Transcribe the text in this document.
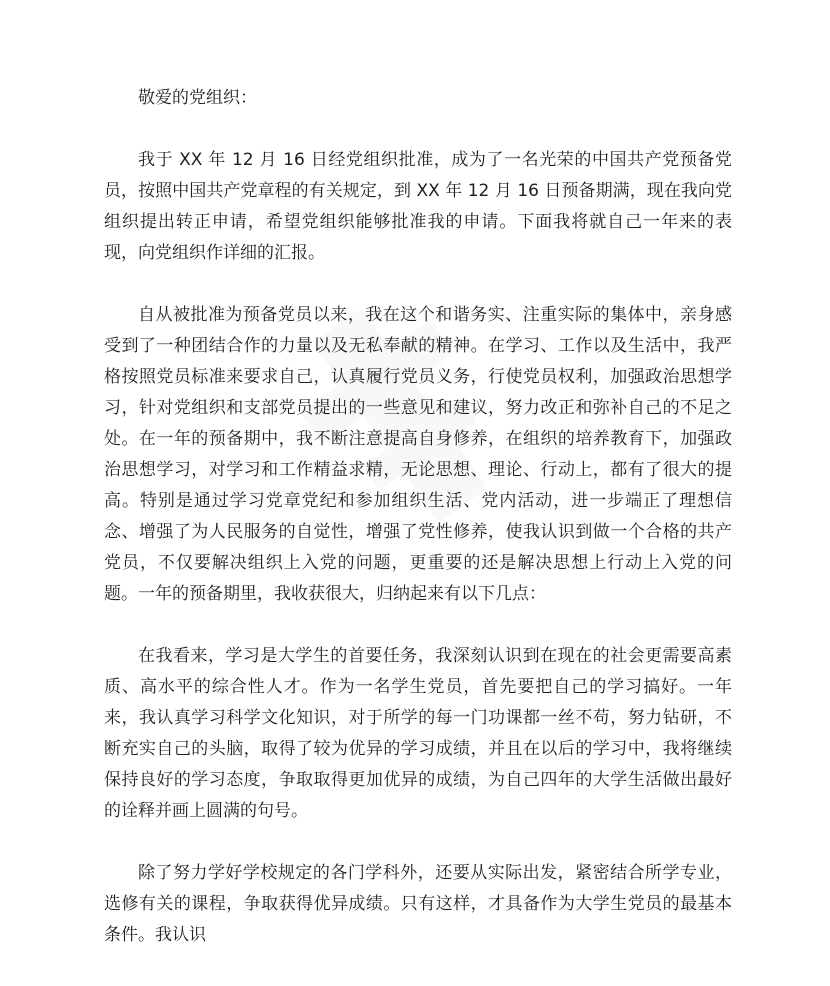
敬爱的党组织：

我于 XX 年 12 月 16 日经党组织批准，成为了一名光荣的中国共产党预备党员，按照中国共产党章程的有关规定，到 XX 年 12 月 16 日预备期满，现在我向党组织提出转正申请，希望党组织能够批准我的申请。下面我将就自己一年来的表现，向党组织作详细的汇报。

自从被批准为预备党员以来，我在这个和谐务实、注重实际的集体中，亲身感受到了一种团结合作的力量以及无私奉献的精神。在学习、工作以及生活中，我严格按照党员标准来要求自己，认真履行党员义务，行使党员权利，加强政治思想学习，针对党组织和支部党员提出的一些意见和建议，努力改正和弥补自己的不足之处。在一年的预备期中，我不断注意提高自身修养，在组织的培养教育下，加强政治思想学习，对学习和工作精益求精，无论思想、理论、行动上，都有了很大的提高。特别是通过学习党章党纪和参加组织生活、党内活动，进一步端正了理想信念、增强了为人民服务的自觉性，增强了党性修养，使我认识到做一个合格的共产党员，不仅要解决组织上入党的问题，更重要的还是解决思想上行动上入党的问题。一年的预备期里，我收获很大，归纳起来有以下几点：

在我看来，学习是大学生的首要任务，我深刻认识到在现在的社会更需要高素质、高水平的综合性人才。作为一名学生党员，首先要把自己的学习搞好。一年来，我认真学习科学文化知识，对于所学的每一门功课都一丝不苟，努力钻研，不断充实自己的头脑，取得了较为优异的学习成绩，并且在以后的学习中，我将继续保持良好的学习态度，争取取得更加优异的成绩，为自己四年的大学生活做出最好的诠释并画上圆满的句号。

除了努力学好学校规定的各门学科外，还要从实际出发，紧密结合所学专业，选修有关的课程，争取获得优异成绩。只有这样，才具备作为大学生党员的最基本条件。我认识
